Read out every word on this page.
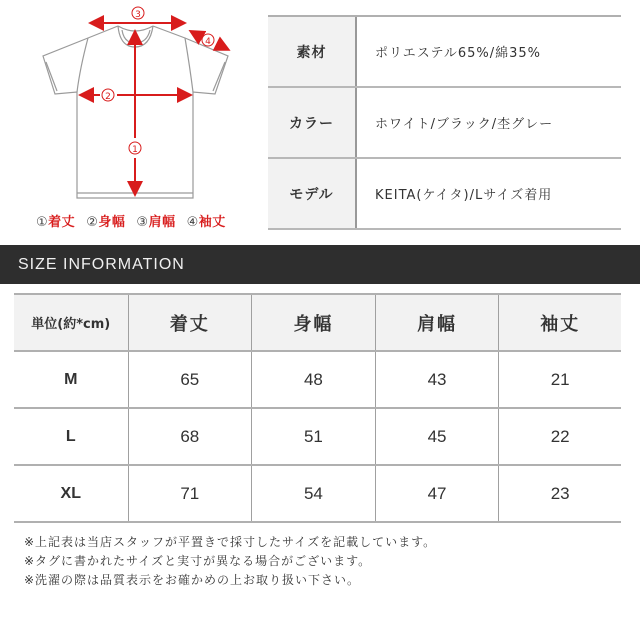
3
2
1
4
①着丈 ②身幅 ③肩幅 ④袖丈
素材	ポリエステル65%/綿35%
カラー	ホワイト/ブラック/杢グレー
モデル	KEITA(ケイタ)/Lサイズ着用
SIZE INFORMATION
単位(約*cm)	着丈	身幅	肩幅	袖丈
M	65	48	43	21
L	68	51	45	22
XL	71	54	47	23
※上記表は当店スタッフが平置きで採寸したサイズを記載しています。
※タグに書かれたサイズと実寸が異なる場合がございます。
※洗濯の際は品質表示をお確かめの上お取り扱い下さい。
